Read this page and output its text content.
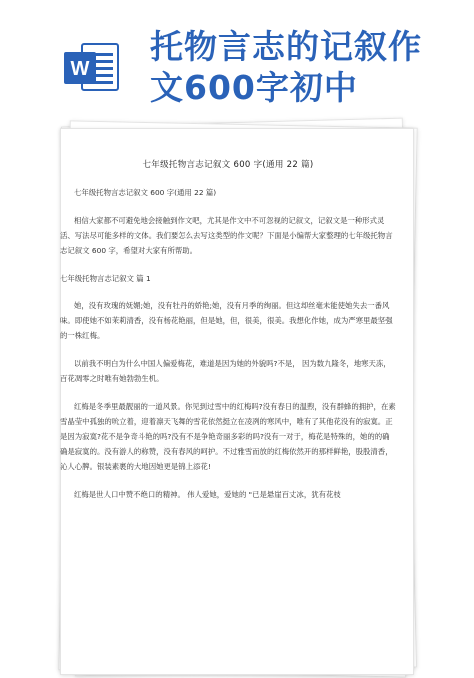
W
托物言志的记叙作
文600字初中
七年级托物言志记叙文 600 字(通用 22 篇)

七年级托物言志记叙文 600 字(通用 22 篇)

相信大家都不可避免地会接触到作文吧，尤其是作文中不可忽视的记叙文，记叙文是一种形式灵活、写法尽可能多样的文体。我们要怎么去写这类型的作文呢？下面是小编帮大家整理的七年级托物言志记叙文 600 字，希望对大家有所帮助。

七年级托物言志记叙文 篇 1

她，没有玫瑰的妩媚;她，没有牡丹的娇艳;她，没有月季的绚丽。但这却丝毫未能使她失去一番风味。即使她不如茉莉清香，没有杨花艳丽，但是她，但，很美，很美。我想化作她，成为严寒里最坚强的一株红梅。

以前我不明白为什么中国人偏爱梅花，难道是因为她的外貌吗?不是， 因为数九隆冬，地寒天冻，百花凋零之时唯有她勃勃生机。

红梅是冬季里最靓丽的一道风景。你见到过雪中的红梅吗?没有春日的温煦，没有群蜂的拥护，在素雪晶莹中孤独的吮立着，迎着凛天飞舞的雪花依然挺立在凌冽的寒风中，唯有了其他花没有的寂寞。正是因为寂寞?花不是争奇斗艳的吗?没有不是争艳奇丽多彩的吗?没有一对于，梅花是特殊的，她的的确确是寂寞的。没有游人的称赞，没有春风的呵护。不过雅雪而放的红梅依然开的那样鲜艳，股股清香，沁人心脾。银装素裹的大地因她更是锦上添花!

红梅是世人口中赞不绝口的精神。 伟人爱她，爱她的 "已是悬崖百丈冰，犹有花枝
